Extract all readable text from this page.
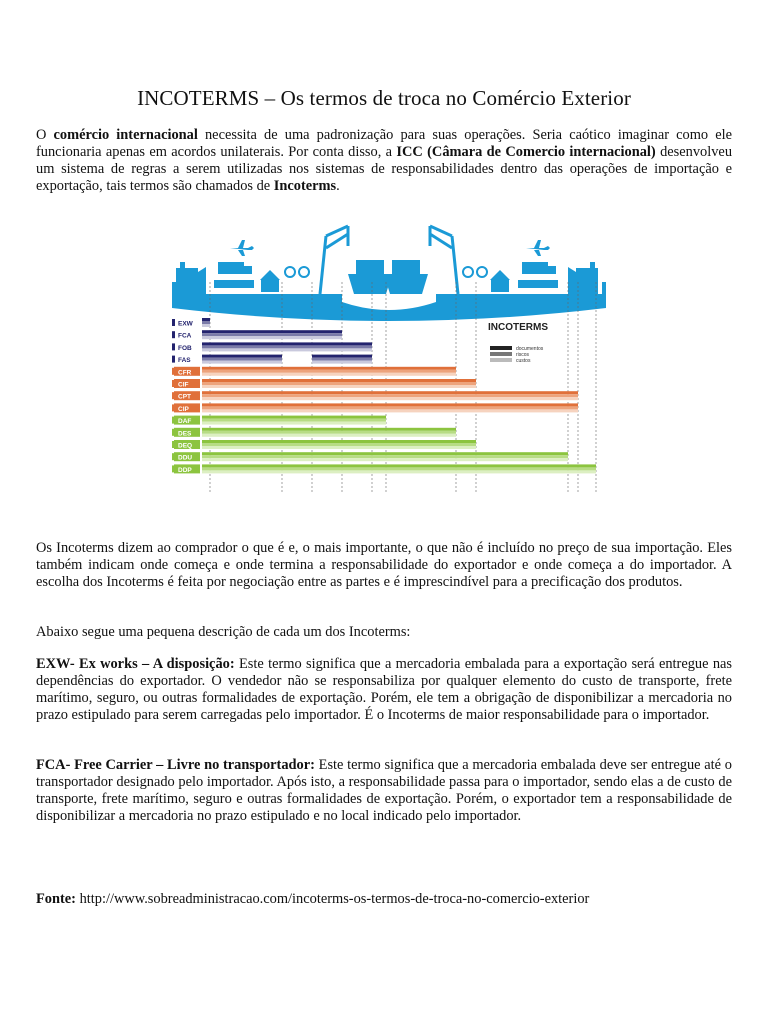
INCOTERMS – Os termos de troca no Comércio Exterior

O comércio internacional necessita de uma padronização para suas operações. Seria caótico imaginar como ele funcionaria apenas em acordos unilaterais. Por conta disso, a ICC (Câmara de Comercio internacional) desenvolveu um sistema de regras a serem utilizadas nos sistemas de responsabilidades dentro das operações de importação e exportação, tais termos são chamados de Incoterms.

EXW
FCA
FOB
FAS
CFR
CIF
CPT
CIP
DAF
DES
DEQ
DDU
DDP
INCOTERMS
documentos
riscos
custos

Os Incoterms dizem ao comprador o que é e, o mais importante, o que não é incluído no preço de sua importação. Eles também indicam onde começa e onde termina a responsabilidade do exportador e onde começa a do importador. A escolha dos Incoterms é feita por negociação entre as partes e é imprescindível para a precificação dos produtos.

Abaixo segue uma pequena descrição de cada um dos Incoterms:

EXW- Ex works – A disposição: Este termo significa que a mercadoria embalada para a exportação será entregue nas dependências do exportador. O vendedor não se responsabiliza por qualquer elemento do custo de transporte, frete marítimo, seguro, ou outras formalidades de exportação. Porém, ele tem a obrigação de disponibilizar a mercadoria no prazo estipulado para serem carregadas pelo importador. É o Incoterms de maior responsabilidade para o importador.

FCA- Free Carrier – Livre no transportador: Este termo significa que a mercadoria embalada deve ser entregue até o transportador designado pelo importador. Após isto, a responsabilidade passa para o importador, sendo elas a de custo de transporte, frete marítimo, seguro e outras formalidades de exportação. Porém, o exportador tem a responsabilidade de disponibilizar a mercadoria no prazo estipulado e no local indicado pelo importador.

Fonte: http://www.sobreadministracao.com/incoterms-os-termos-de-troca-no-comercio-exterior
